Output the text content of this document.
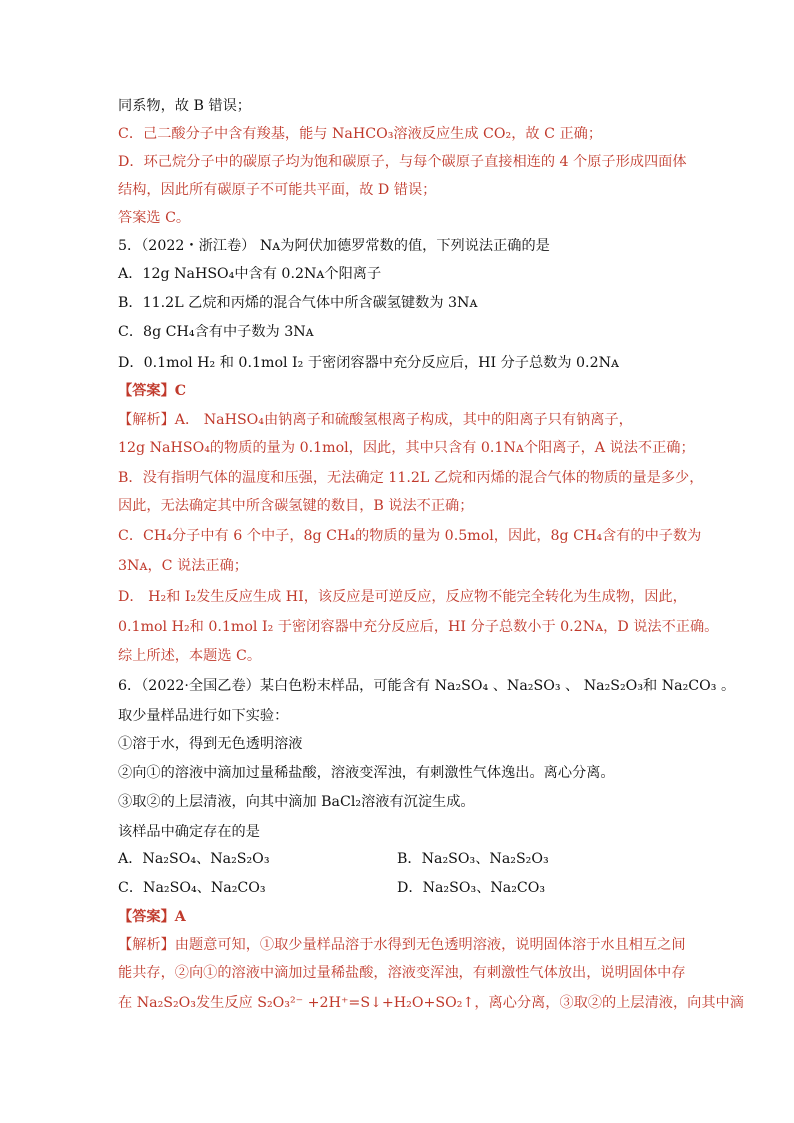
同系物，故 B 错误；
C．己二酸分子中含有羧基，能与 NaHCO₃溶液反应生成 CO₂，故 C 正确；
D．环己烷分子中的碳原子均为饱和碳原子，与每个碳原子直接相连的 4 个原子形成四面体
结构，因此所有碳原子不可能共平面，故 D 错误；
答案选 C。
5．（2022・浙江卷） Nᴀ为阿伏加德罗常数的值，下列说法正确的是
A．12g NaHSO₄中含有 0.2Nᴀ个阳离子
B．11.2L 乙烷和丙烯的混合气体中所含碳氢键数为 3Nᴀ
C．8g CH₄含有中子数为 3Nᴀ
D．0.1mol H₂ 和 0.1mol I₂ 于密闭容器中充分反应后，HI 分子总数为 0.2Nᴀ
【答案】C
【解析】A． NaHSO₄由钠离子和硫酸氢根离子构成，其中的阳离子只有钠离子，
12g NaHSO₄的物质的量为 0.1mol，因此，其中只含有 0.1Nᴀ个阳离子，A 说法不正确；
B．没有指明气体的温度和压强，无法确定 11.2L 乙烷和丙烯的混合气体的物质的量是多少，
因此，无法确定其中所含碳氢键的数目，B 说法不正确；
C．CH₄分子中有 6 个中子，8g CH₄的物质的量为 0.5mol，因此，8g CH₄含有的中子数为
3Nᴀ，C 说法正确；
D． H₂和 I₂发生反应生成 HI，该反应是可逆反应，反应物不能完全转化为生成物，因此，
0.1mol H₂和 0.1mol I₂ 于密闭容器中充分反应后，HI 分子总数小于 0.2Nᴀ，D 说法不正确。
综上所述，本题选 C。
6．（2022·全国乙卷）某白色粉末样品，可能含有 Na₂SO₄ 、Na₂SO₃ 、 Na₂S₂O₃和 Na₂CO₃ 。
取少量样品进行如下实验：
①溶于水，得到无色透明溶液
②向①的溶液中滴加过量稀盐酸，溶液变浑浊，有刺激性气体逸出。离心分离。
③取②的上层清液，向其中滴加 BaCl₂溶液有沉淀生成。
该样品中确定存在的是
A．Na₂SO₄、Na₂S₂O₃	B．Na₂SO₃、Na₂S₂O₃
C．Na₂SO₄、Na₂CO₃	D．Na₂SO₃、Na₂CO₃
【答案】A
【解析】由题意可知，①取少量样品溶于水得到无色透明溶液，说明固体溶于水且相互之间
能共存，②向①的溶液中滴加过量稀盐酸，溶液变浑浊，有刺激性气体放出，说明固体中存
在 Na₂S₂O₃发生反应 S₂O₃²⁻ +2H⁺=S↓+H₂O+SO₂↑，离心分离，③取②的上层清液，向其中滴
